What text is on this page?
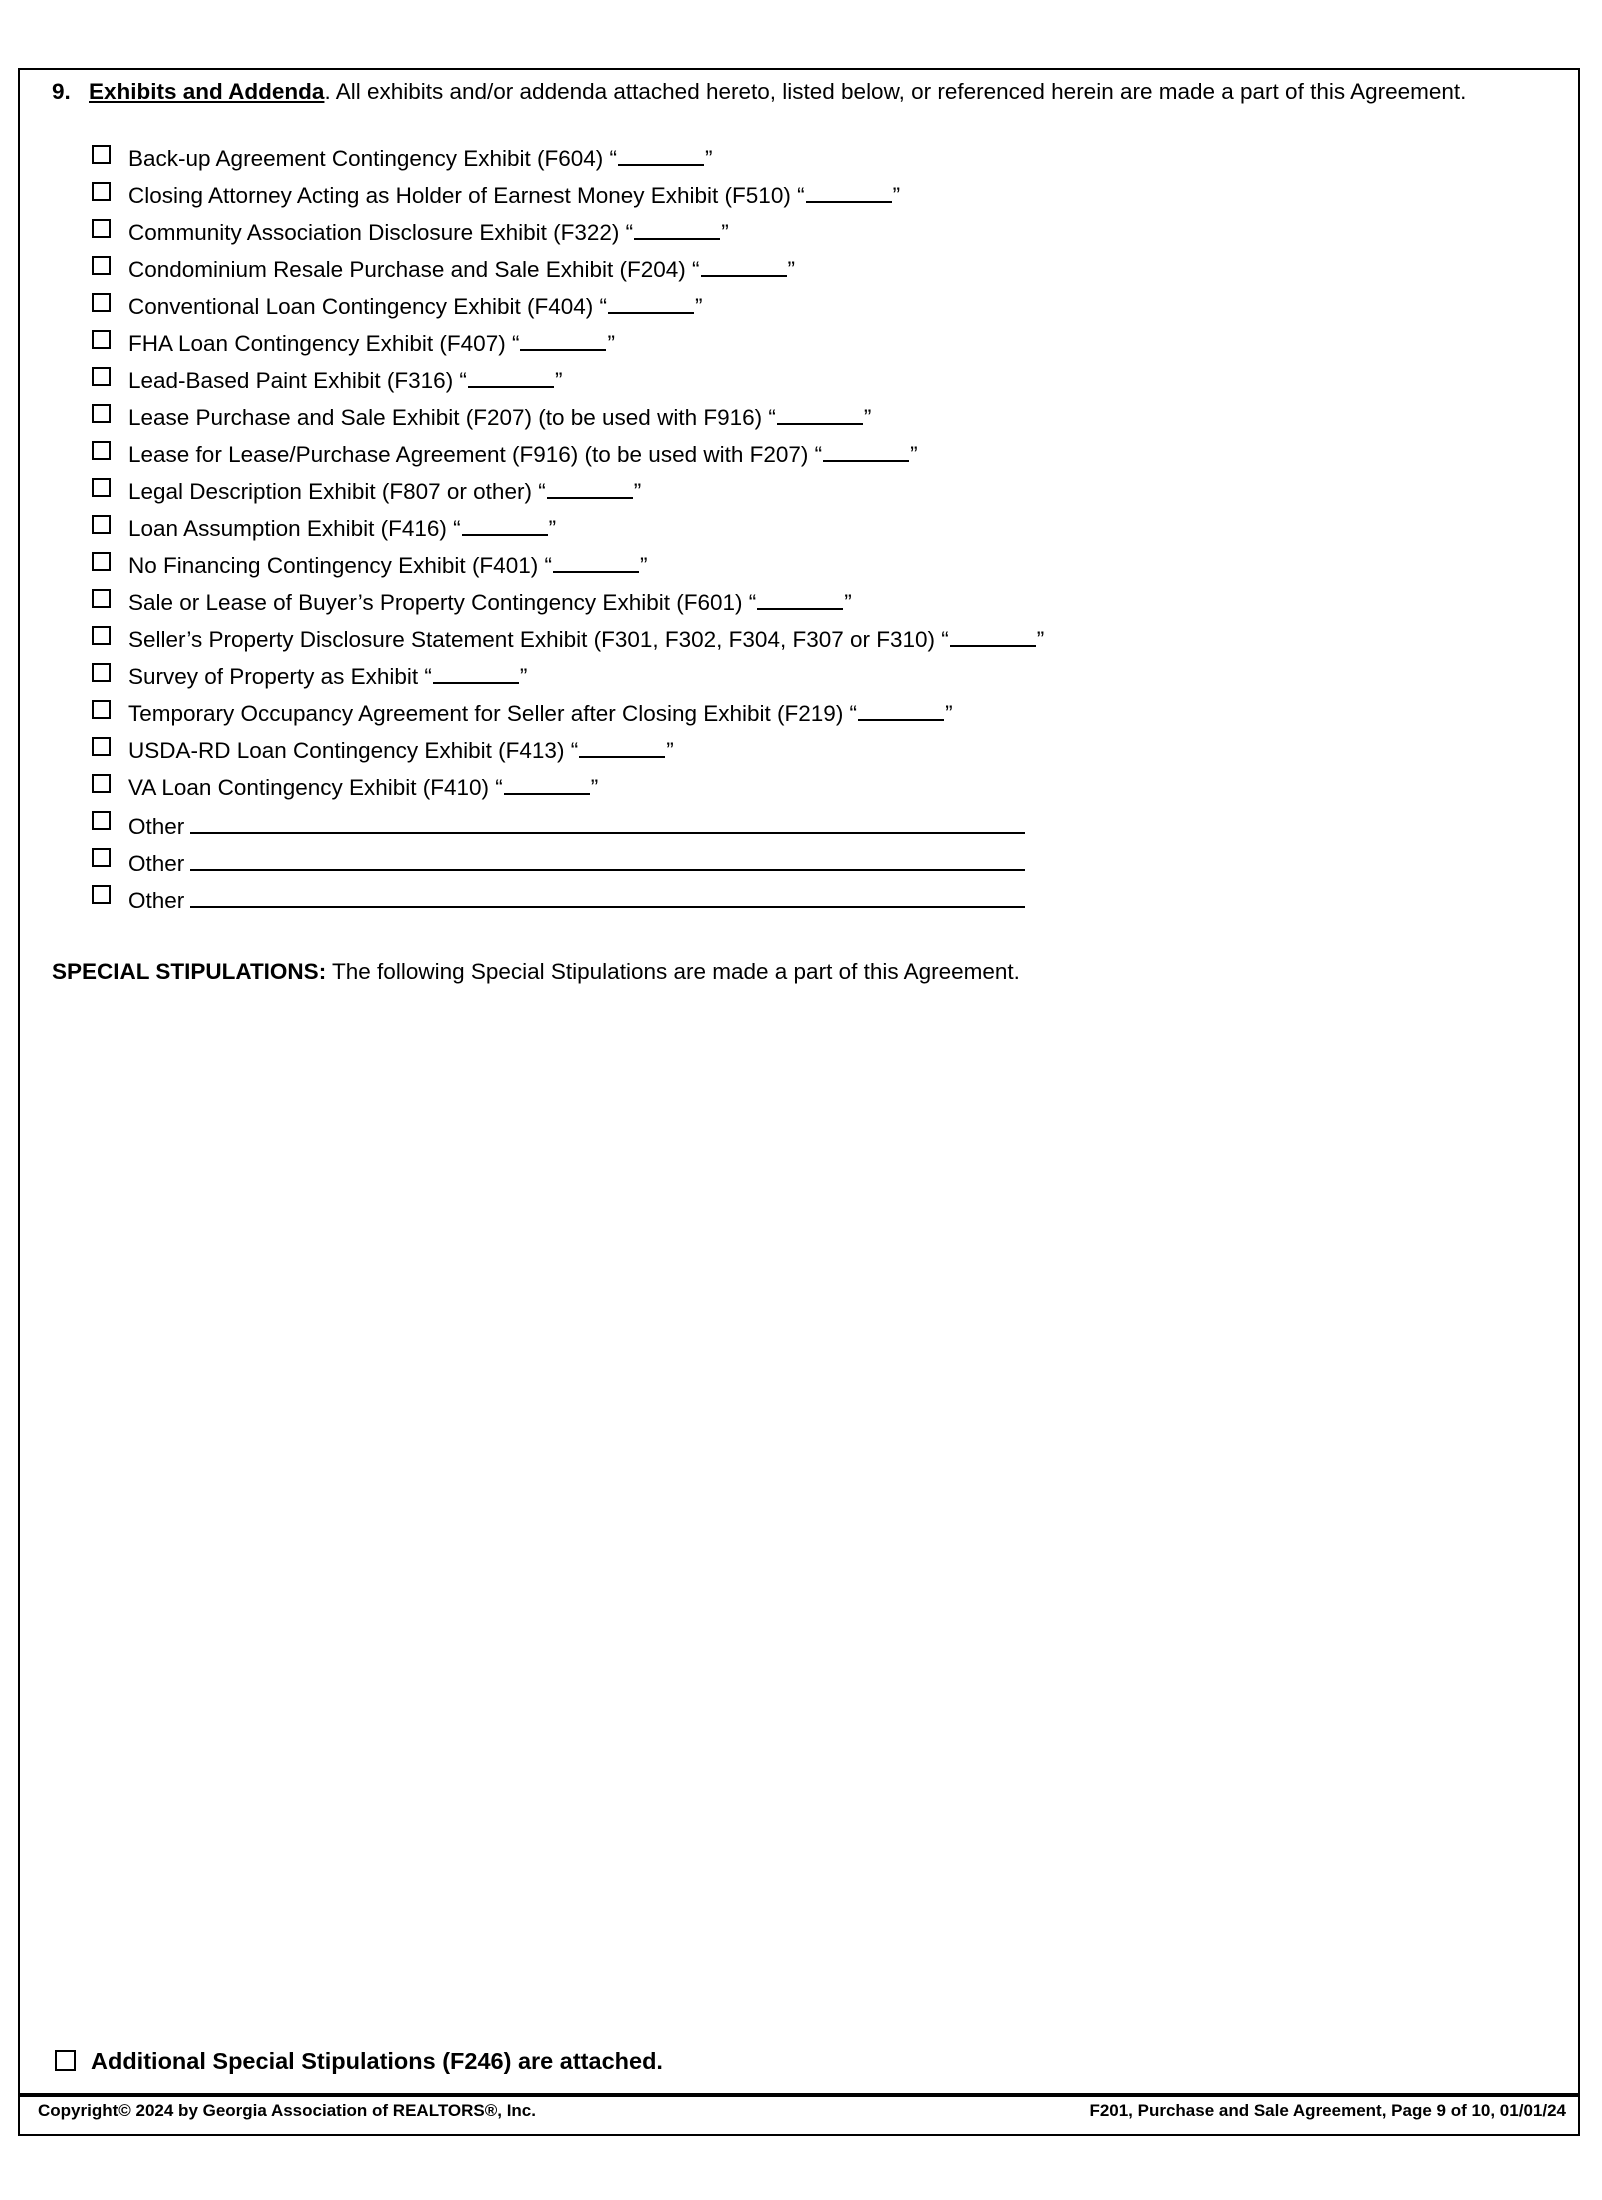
9. Exhibits and Addenda. All exhibits and/or addenda attached hereto, listed below, or referenced herein are made a part of this Agreement.
Back-up Agreement Contingency Exhibit (F604) “	”
Closing Attorney Acting as Holder of Earnest Money Exhibit (F510) “	”
Community Association Disclosure Exhibit (F322) “	”
Condominium Resale Purchase and Sale Exhibit (F204) “	”
Conventional Loan Contingency Exhibit (F404) “	”
FHA Loan Contingency Exhibit (F407) “	”
Lead-Based Paint Exhibit (F316) “	”
Lease Purchase and Sale Exhibit (F207) (to be used with F916) “	”
Lease for Lease/Purchase Agreement (F916) (to be used with F207) “	”
Legal Description Exhibit (F807 or other) “	”
Loan Assumption Exhibit (F416) “	”
No Financing Contingency Exhibit (F401) “	”
Sale or Lease of Buyer’s Property Contingency Exhibit (F601) “	”
Seller’s Property Disclosure Statement Exhibit (F301, F302, F304, F307 or F310) “	”
Survey of Property as Exhibit “	”
Temporary Occupancy Agreement for Seller after Closing Exhibit (F219) “	”
USDA-RD Loan Contingency Exhibit (F413) “	”
VA Loan Contingency Exhibit (F410) “	”
Other
Other
Other
SPECIAL STIPULATIONS: The following Special Stipulations are made a part of this Agreement.
Additional Special Stipulations (F246) are attached.
Copyright© 2024 by Georgia Association of REALTORS®, Inc.	F201, Purchase and Sale Agreement, Page 9 of 10, 01/01/24
